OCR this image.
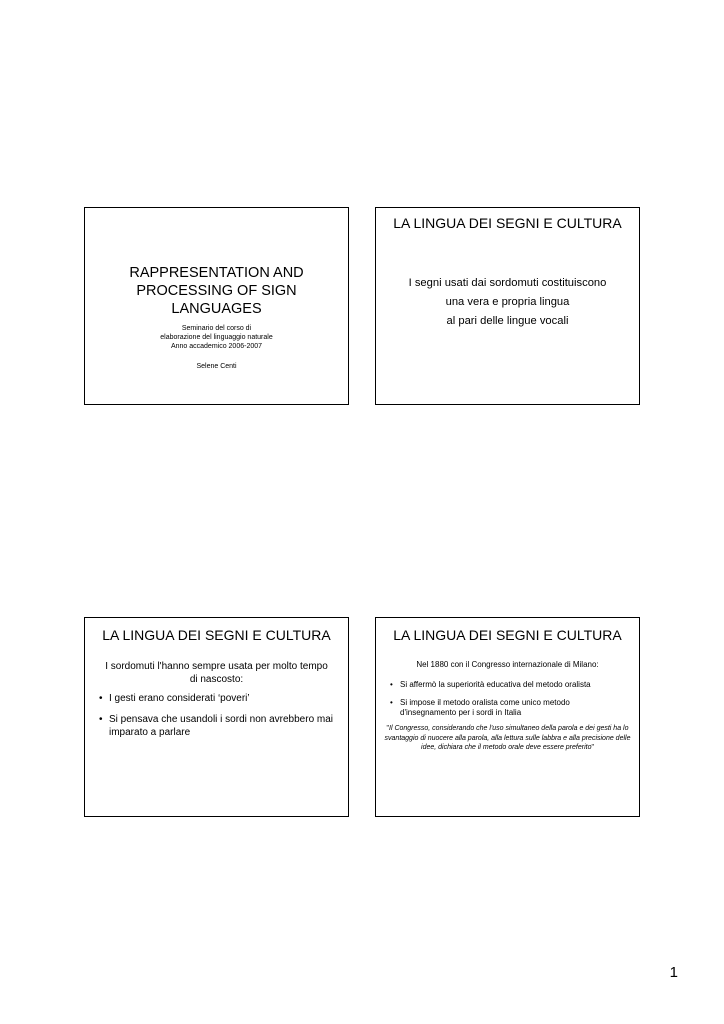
RAPPRESENTATION AND PROCESSING OF SIGN LANGUAGES
Seminario del corso di
elaborazione del linguaggio naturale
Anno accademico 2006-2007
Selene Centi
LA LINGUA DEI SEGNI E CULTURA
I segni usati dai sordomuti costituiscono
una vera e propria lingua
al pari delle lingue vocali
LA LINGUA DEI SEGNI E CULTURA
I sordomuti l'hanno sempre usata per molto tempo di nascosto:
• I gesti erano considerati ‘poveri’
• Si pensava che usandoli i sordi non avrebbero mai imparato a parlare
LA LINGUA DEI SEGNI E CULTURA
Nel 1880 con il Congresso internazionale di Milano:
• Si affermò la superiorità educativa del metodo oralista
• Si impose il metodo oralista come unico metodo d'insegnamento per i sordi in Italia
"Il Congresso, considerando che l'uso simultaneo della parola e dei gesti ha lo svantaggio di nuocere alla parola, alla lettura sulle labbra e alla precisione delle idee, dichiara che il metodo orale deve essere preferito"
1
